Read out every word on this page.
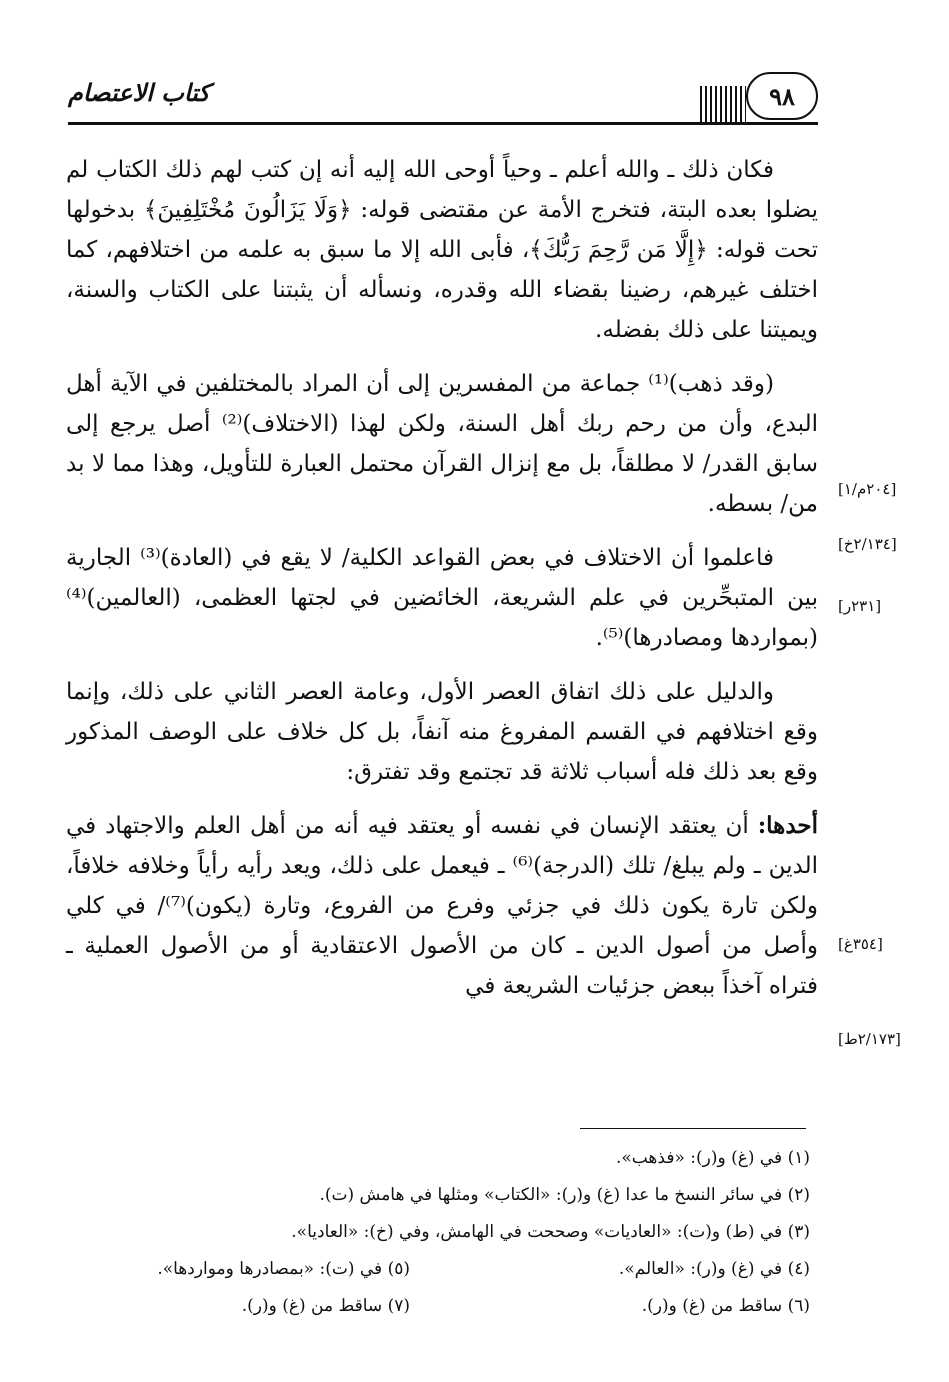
كتاب الاعتصام	٩٨

فكان ذلك ـ والله أعلم ـ وحياً أوحى الله إليه أنه إن كتب لهم ذلك الكتاب لم يضلوا بعده البتة، فتخرج الأمة عن مقتضى قوله: ﴿وَلَا يَزَالُونَ مُخْتَلِفِينَ﴾ بدخولها تحت قوله: ﴿إِلَّا مَن رَّحِمَ رَبُّكَ﴾، فأبى الله إلا ما سبق به علمه من اختلافهم، كما اختلف غيرهم، رضينا بقضاء الله وقدره، ونسأله أن يثبتنا على الكتاب والسنة، ويميتنا على ذلك بفضله.

(وقد ذهب)⁽¹⁾ جماعة من المفسرين إلى أن المراد بالمختلفين في الآية أهل البدع، وأن من رحم ربك أهل السنة، ولكن لهذا (الاختلاف)⁽²⁾ أصل يرجع إلى سابق القدر/ لا مطلقاً، بل مع إنزال القرآن محتمل العبارة للتأويل، وهذا مما لا بد من/ بسطه.

فاعلموا أن الاختلاف في بعض القواعد الكلية/ لا يقع في (العادة)⁽³⁾ الجارية بين المتبحِّرين في علم الشريعة، الخائضين في لجتها العظمى، (العالمين)⁽⁴⁾ (بمواردها ومصادرها)⁽⁵⁾.

والدليل على ذلك اتفاق العصر الأول، وعامة العصر الثاني على ذلك، وإنما وقع اختلافهم في القسم المفروغ منه آنفاً، بل كل خلاف على الوصف المذكور وقع بعد ذلك فله أسباب ثلاثة قد تجتمع وقد تفترق:

أحدها: أن يعتقد الإنسان في نفسه أو يعتقد فيه أنه من أهل العلم والاجتهاد في الدين ـ ولم يبلغ/ تلك (الدرجة)⁽⁶⁾ ـ فيعمل على ذلك، ويعد رأيه رأياً وخلافه خلافاً، ولكن تارة يكون ذلك في جزئي وفرع من الفروع، وتارة (يكون)⁽⁷⁾/ في كلي وأصل من أصول الدين ـ كان من الأصول الاعتقادية أو من الأصول العملية ـ فتراه آخذاً ببعض جزئيات الشريعة في

[٢٠٤م/١]
[٢/١٣٤خ]
[٢٣١ر]
[٣٥٤غ]
[٢/١٧٣ط]
(١) في (غ) و(ر): «فذهب».
(٢) في سائر النسخ ما عدا (غ) و(ر): «الكتاب» ومثلها في هامش (ت).
(٣) في (ط) و(ت): «العاديات» وصححت في الهامش، وفي (خ): «العاديا».
(٤) في (غ) و(ر): «العالم».
(٥) في (ت): «بمصادرها ومواردها».
(٦) ساقط من (غ) و(ر).
(٧) ساقط من (غ) و(ر).
